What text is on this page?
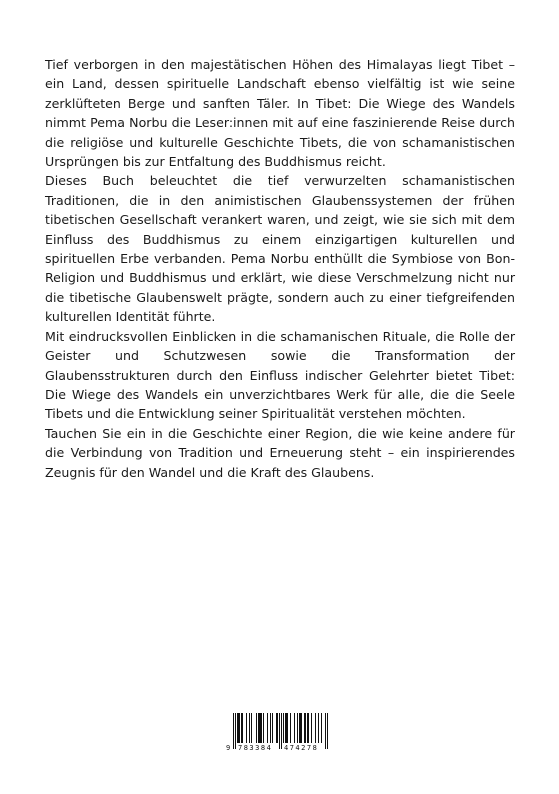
Tief verborgen in den majestätischen Höhen des Himalayas liegt Tibet – ein Land, dessen spirituelle Landschaft ebenso vielfältig ist wie seine zerklüfteten Berge und sanften Täler. In Tibet: Die Wiege des Wandels nimmt Pema Norbu die Leser:innen mit auf eine faszinierende Reise durch die religiöse und kulturelle Geschichte Tibets, die von schamanistischen Ursprüngen bis zur Entfaltung des Buddhismus reicht.

Dieses Buch beleuchtet die tief verwurzelten schamanistischen Traditionen, die in den animistischen Glaubenssystemen der frühen tibetischen Gesellschaft verankert waren, und zeigt, wie sie sich mit dem Einfluss des Buddhismus zu einem einzigartigen kulturellen und spirituellen Erbe verbanden. Pema Norbu enthüllt die Symbiose von Bon-Religion und Buddhismus und erklärt, wie diese Verschmelzung nicht nur die tibetische Glaubenswelt prägte, sondern auch zu einer tiefgreifenden kulturellen Identität führte.

Mit eindrucksvollen Einblicken in die schamanischen Rituale, die Rolle der Geister und Schutzwesen sowie die Transformation der Glaubensstrukturen durch den Einfluss indischer Gelehrter bietet Tibet: Die Wiege des Wandels ein unverzichtbares Werk für alle, die die Seele Tibets und die Entwicklung seiner Spiritualität verstehen möchten.

Tauchen Sie ein in die Geschichte einer Region, die wie keine andere für die Verbindung von Tradition und Erneuerung steht – ein inspirierendes Zeugnis für den Wandel und die Kraft des Glaubens.

9 783384 474278
